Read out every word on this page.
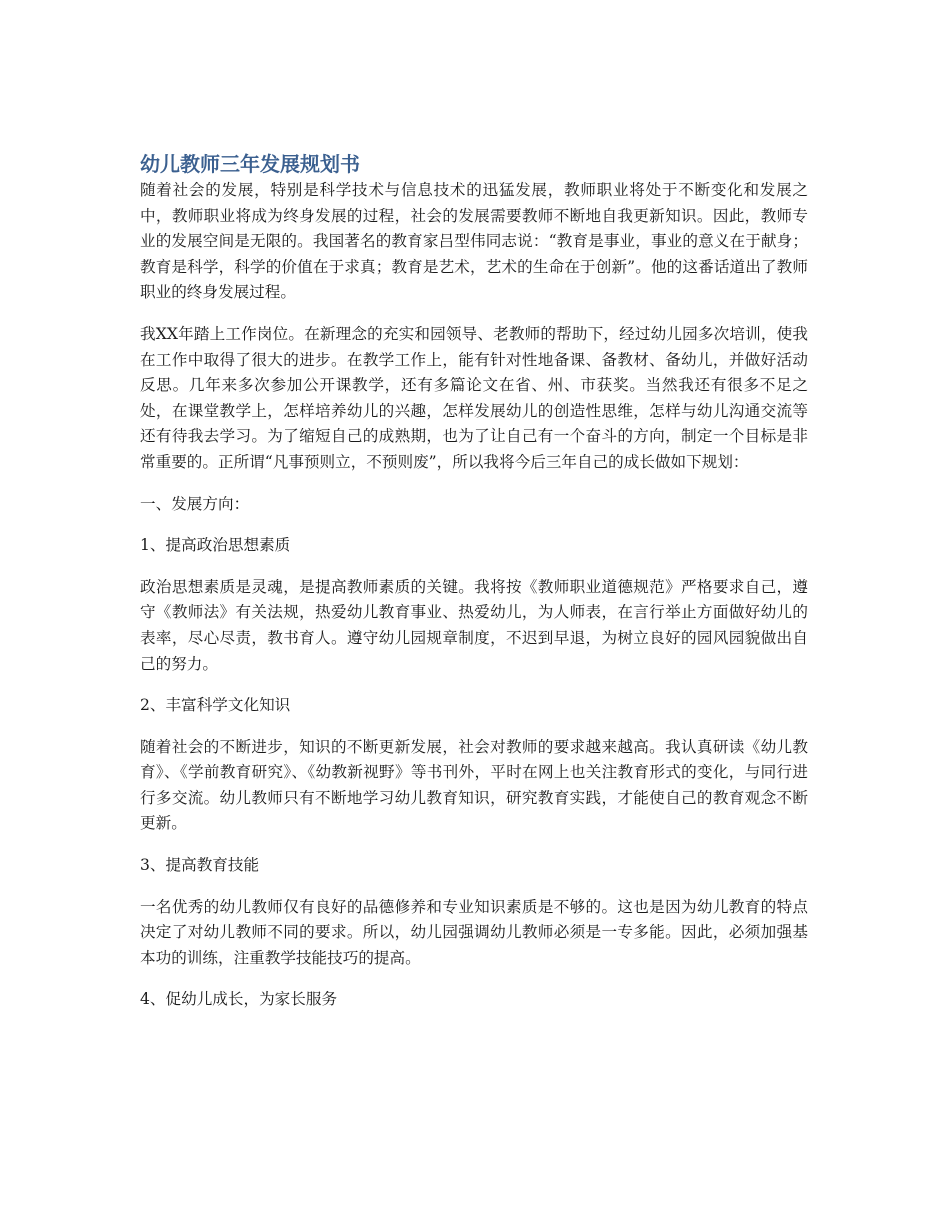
幼儿教师三年发展规划书

随着社会的发展，特别是科学技术与信息技术的迅猛发展，教师职业将处于不断变化和发展之中，教师职业将成为终身发展的过程，社会的发展需要教师不断地自我更新知识。因此，教师专业的发展空间是无限的。我国著名的教育家吕型伟同志说：“教育是事业，事业的意义在于献身；教育是科学，科学的价值在于求真；教育是艺术，艺术的生命在于创新”。他的这番话道出了教师职业的终身发展过程。

我XX年踏上工作岗位。在新理念的充实和园领导、老教师的帮助下，经过幼儿园多次培训，使我在工作中取得了很大的进步。在教学工作上，能有针对性地备课、备教材、备幼儿，并做好活动反思。几年来多次参加公开课教学，还有多篇论文在省、州、市获奖。当然我还有很多不足之处，在课堂教学上，怎样培养幼儿的兴趣，怎样发展幼儿的创造性思维，怎样与幼儿沟通交流等还有待我去学习。为了缩短自己的成熟期，也为了让自己有一个奋斗的方向，制定一个目标是非常重要的。正所谓“凡事预则立，不预则废”，所以我将今后三年自己的成长做如下规划：

一、发展方向：

1、提高政治思想素质

政治思想素质是灵魂，是提高教师素质的关键。我将按《教师职业道德规范》严格要求自己，遵守《教师法》有关法规，热爱幼儿教育事业、热爱幼儿，为人师表，在言行举止方面做好幼儿的表率，尽心尽责，教书育人。遵守幼儿园规章制度，不迟到早退，为树立良好的园风园貌做出自己的努力。

2、丰富科学文化知识

随着社会的不断进步，知识的不断更新发展，社会对教师的要求越来越高。我认真研读《幼儿教育》、《学前教育研究》、《幼教新视野》等书刊外，平时在网上也关注教育形式的变化，与同行进行多交流。幼儿教师只有不断地学习幼儿教育知识，研究教育实践，才能使自己的教育观念不断更新。

3、提高教育技能

一名优秀的幼儿教师仅有良好的品德修养和专业知识素质是不够的。这也是因为幼儿教育的特点决定了对幼儿教师不同的要求。所以，幼儿园强调幼儿教师必须是一专多能。因此，必须加强基本功的训练，注重教学技能技巧的提高。

4、促幼儿成长，为家长服务
